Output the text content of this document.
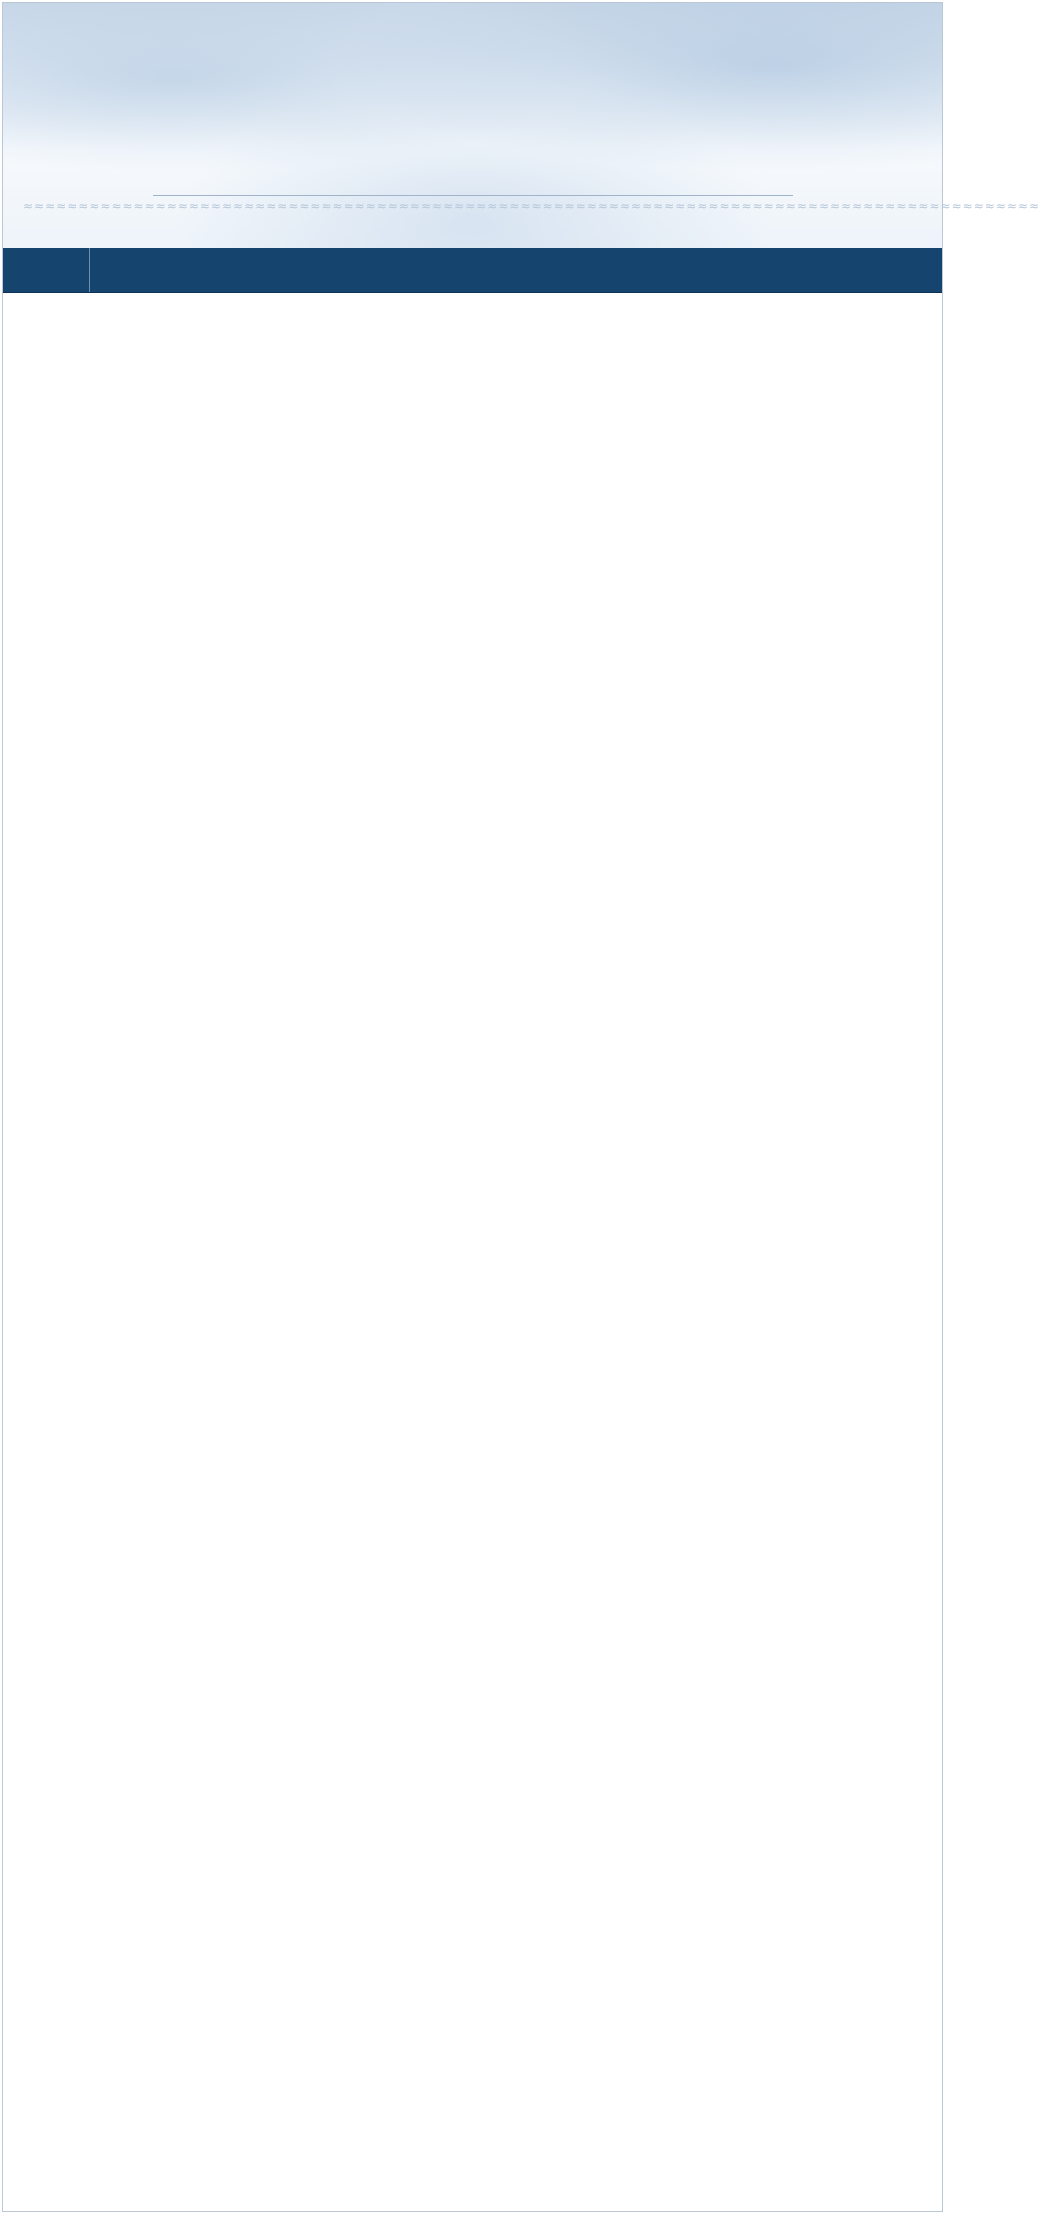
≈≈≈≈≈≈≈≈≈≈≈≈≈≈≈≈≈≈≈≈≈≈≈≈≈≈≈≈≈≈≈≈≈≈≈≈≈≈≈≈≈≈≈≈≈≈≈≈≈≈≈≈≈≈≈≈≈≈≈≈≈≈≈≈≈≈≈≈≈≈≈≈≈≈≈≈≈≈≈≈≈≈≈≈≈≈≈≈≈≈≈≈
